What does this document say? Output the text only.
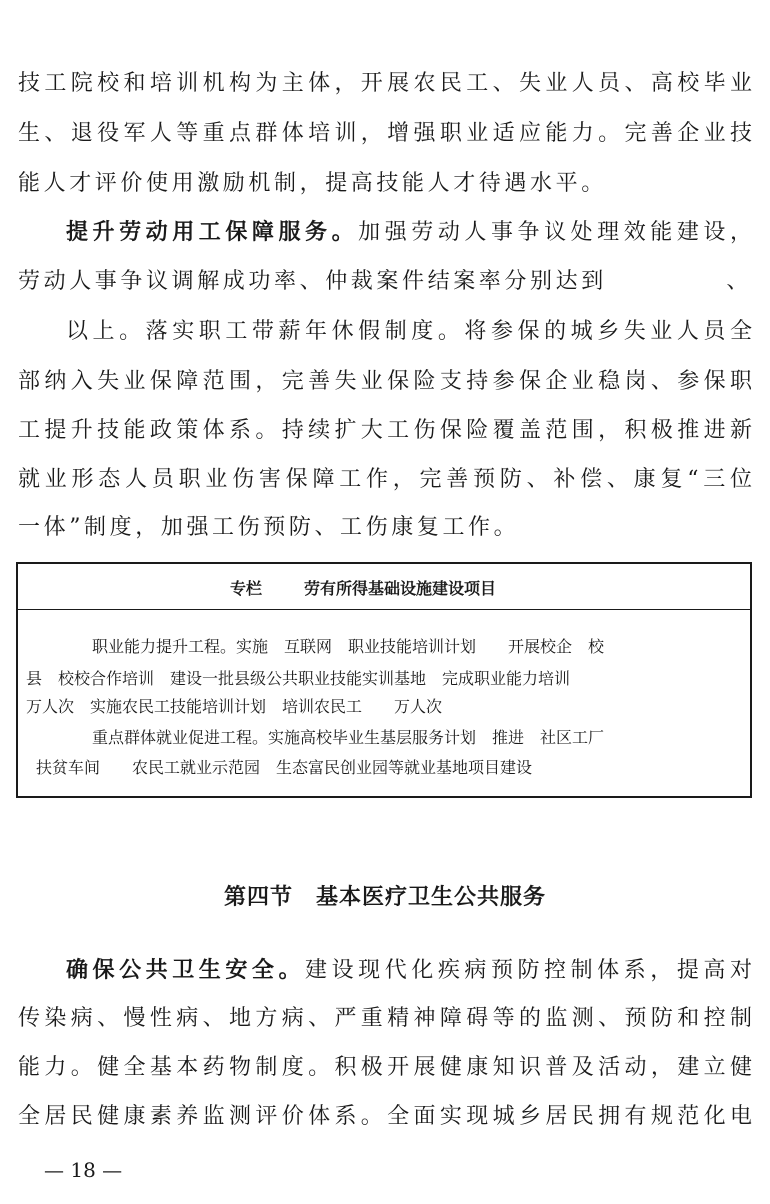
技工院校和培训机构为主体，开展农民工、失业人员、高校毕业
生、退役军人等重点群体培训，增强职业适应能力。完善企业技
能人才评价使用激励机制，提高技能人才待遇水平。
提升劳动用工保障服务。加强劳动人事争议处理效能建设，
劳动人事争议调解成功率、仲裁案件结案率分别达到	、
以上。落实职工带薪年休假制度。将参保的城乡失业人员全
部纳入失业保障范围，完善失业保险支持参保企业稳岗、参保职
工提升技能政策体系。持续扩大工伤保险覆盖范围，积极推进新
就业形态人员职业伤害保障工作，完善预防、补偿、康复“三位
一体”制度，加强工伤预防、工伤康复工作。
专栏	劳有所得基础设施建设项目
职业能力提升工程。实施　互联网　职业技能培训计划　　开展校企　校
县　校校合作培训　建设一批县级公共职业技能实训基地　完成职业能力培训
万人次　实施农民工技能培训计划　培训农民工　　万人次
重点群体就业促进工程。实施高校毕业生基层服务计划　推进　社区工厂
扶贫车间　　农民工就业示范园　生态富民创业园等就业基地项目建设
第四节　基本医疗卫生公共服务
确保公共卫生安全。建设现代化疾病预防控制体系，提高对
传染病、慢性病、地方病、严重精神障碍等的监测、预防和控制
能力。健全基本药物制度。积极开展健康知识普及活动，建立健
全居民健康素养监测评价体系。全面实现城乡居民拥有规范化电
— 18 —
